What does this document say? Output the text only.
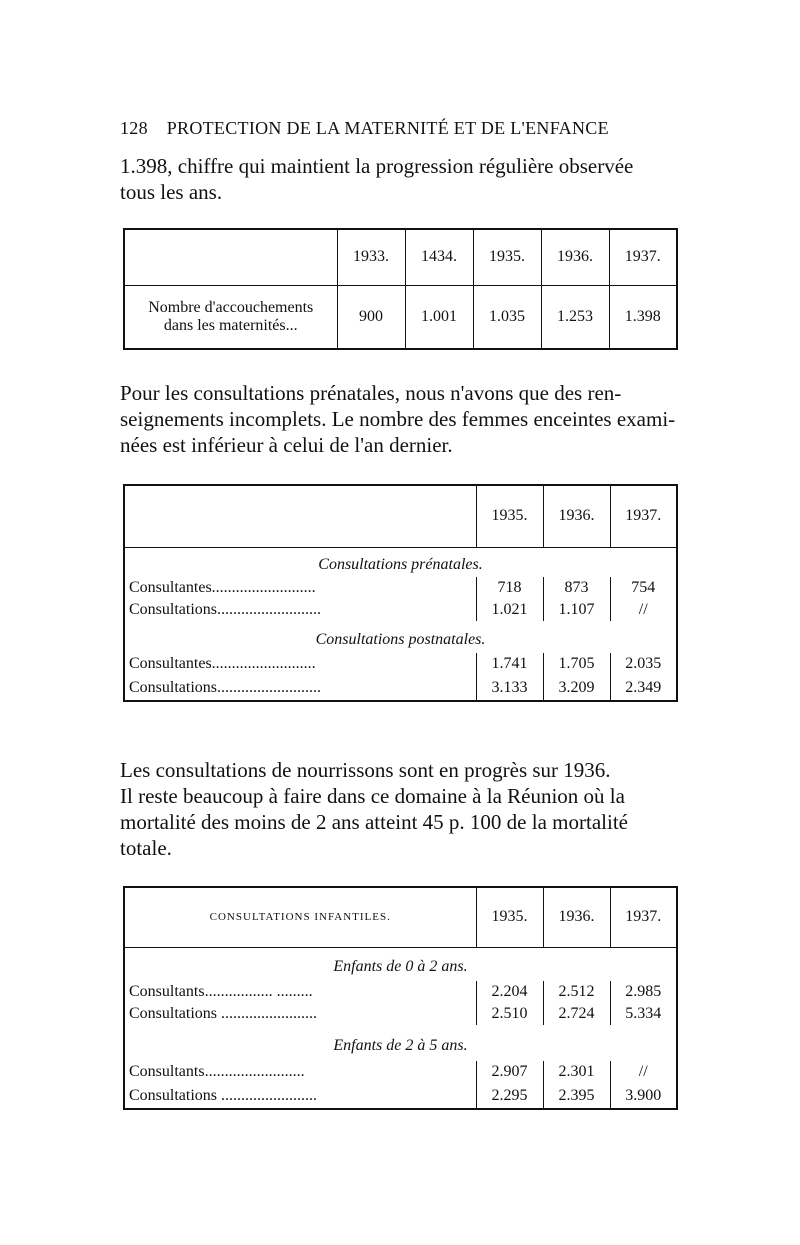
128 PROTECTION DE LA MATERNITÉ ET DE L'ENFANCE
1.398, chiffre qui maintient la progression régulière observée
tous les ans.
	1933.	1434.	1935.	1936.	1937.

Nombre d'accouchements
dans les maternités...	900	1.001	1.035	1.253	1.398
Pour les consultations prénatales, nous n'avons que des ren-
seignements incomplets. Le nombre des femmes enceintes exami-
nées est inférieur à celui de l'an dernier.
	1935.	1936.	1937.
Consultations prénatales.			
Consultantes..........................	718	873	754
Consultations..........................	1.021	1.107	//
Consultations postnatales.			
Consultantes..........................	1.741	1.705	2.035
Consultations..........................	3.133	3.209	2.349
Les consultations de nourrissons sont en progrès sur 1936.
Il reste beaucoup à faire dans ce domaine à la Réunion où la
mortalité des moins de 2 ans atteint 45 p. 100 de la mortalité
totale.
CONSULTATIONS INFANTILES.	1935.	1936.	1937.
Enfants de 0 à 2 ans.			
Consultants................. .........	2.204	2.512	2.985
Consultations ........................	2.510	2.724	5.334
Enfants de 2 à 5 ans.			
Consultants.........................	2.907	2.301	//
Consultations ........................	2.295	2.395	3.900
